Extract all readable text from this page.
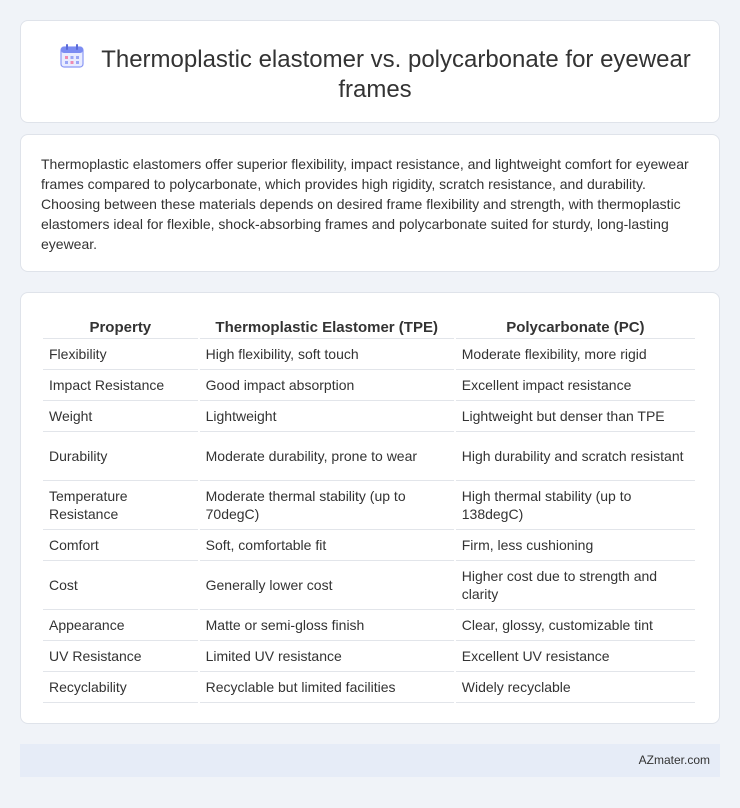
Thermoplastic elastomer vs. polycarbonate for eyewear frames

Thermoplastic elastomers offer superior flexibility, impact resistance, and lightweight comfort for eyewear frames compared to polycarbonate, which provides high rigidity, scratch resistance, and durability. Choosing between these materials depends on desired frame flexibility and strength, with thermoplastic elastomers ideal for flexible, shock-absorbing frames and polycarbonate suited for sturdy, long-lasting eyewear.

Property	Thermoplastic Elastomer (TPE)	Polycarbonate (PC)
Flexibility	High flexibility, soft touch	Moderate flexibility, more rigid
Impact Resistance	Good impact absorption	Excellent impact resistance
Weight	Lightweight	Lightweight but denser than TPE
Durability	Moderate durability, prone to wear	High durability and scratch resistant
Temperature Resistance	Moderate thermal stability (up to 70degC)	High thermal stability (up to 138degC)
Comfort	Soft, comfortable fit	Firm, less cushioning
Cost	Generally lower cost	Higher cost due to strength and clarity
Appearance	Matte or semi-gloss finish	Clear, glossy, customizable tint
UV Resistance	Limited UV resistance	Excellent UV resistance
Recyclability	Recyclable but limited facilities	Widely recyclable
AZmater.com
